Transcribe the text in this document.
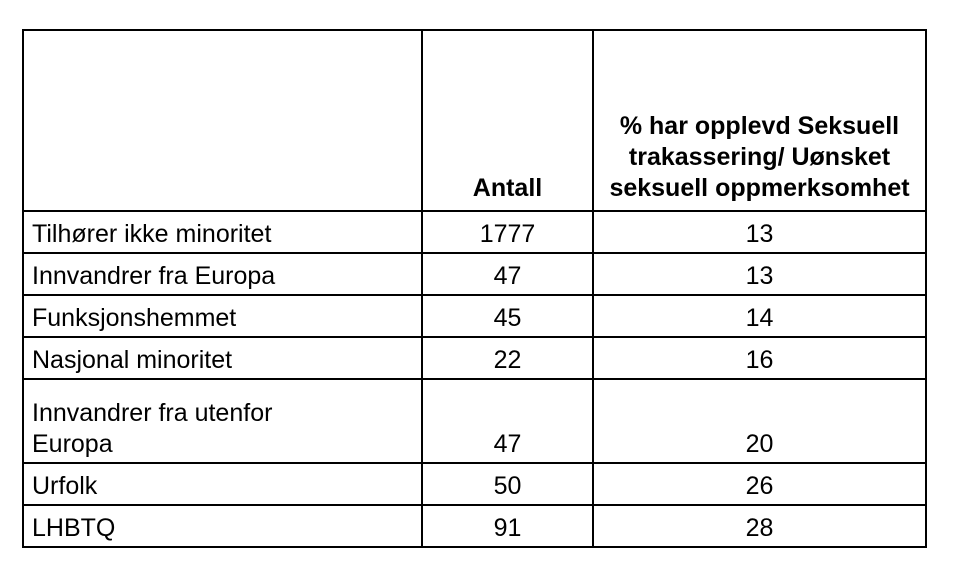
	Antall	% har opplevd Seksuell trakassering/ Uønsket seksuell oppmerksomhet
Tilhører ikke minoritet	1777	13
Innvandrer fra Europa	47	13
Funksjonshemmet	45	14
Nasjonal minoritet	22	16
Innvandrer fra utenfor Europa	47	20
Urfolk	50	26
LHBTQ	91	28
